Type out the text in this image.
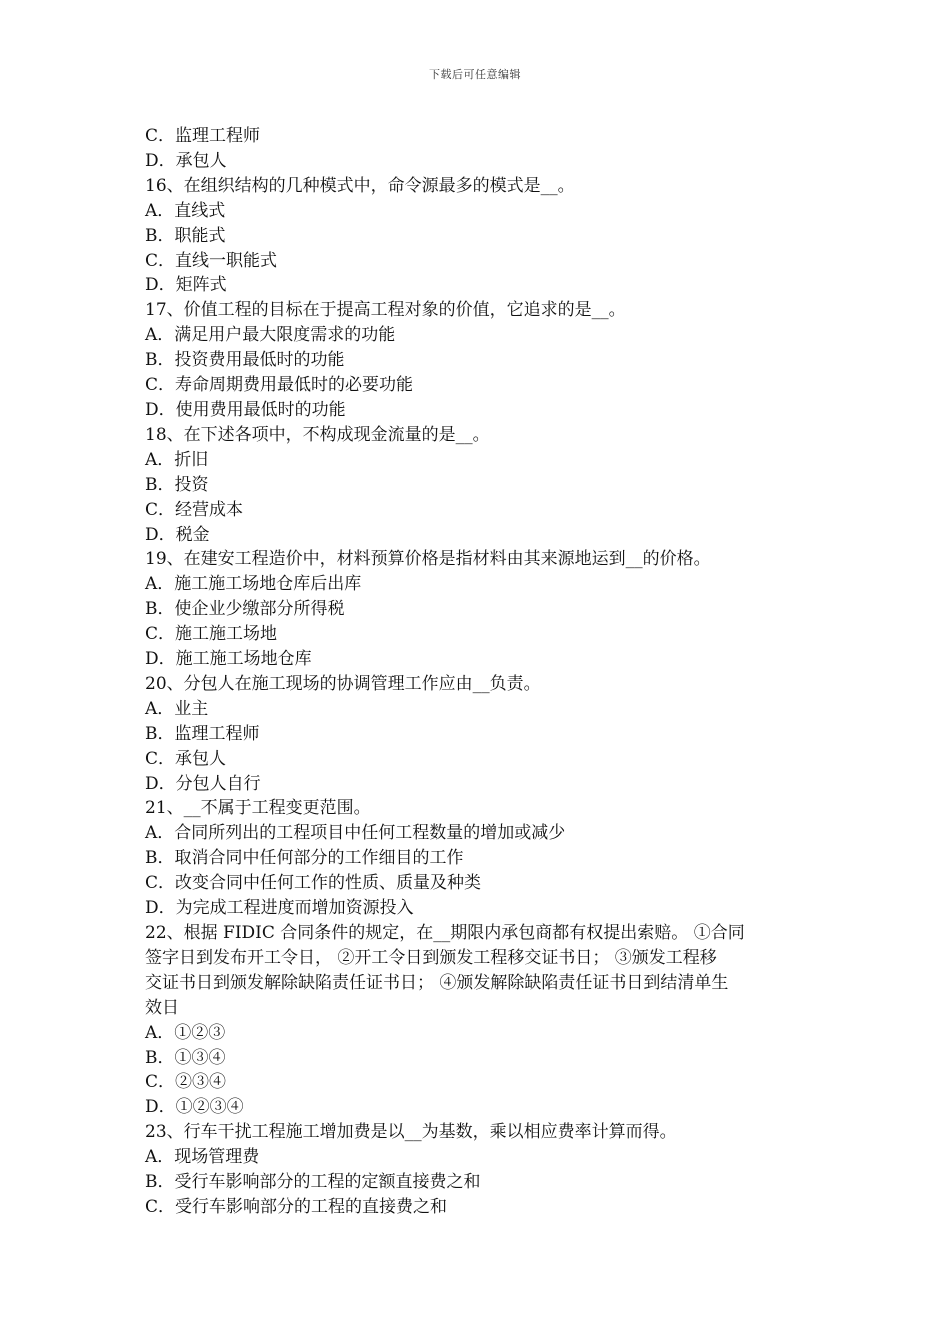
下载后可任意编辑

C．监理工程师

D．承包人

16、在组织结构的几种模式中，命令源最多的模式是__。

A．直线式

B．职能式

C．直线一职能式

D．矩阵式

17、价值工程的目标在于提高工程对象的价值，它追求的是__。

A．满足用户最大限度需求的功能

B．投资费用最低时的功能

C．寿命周期费用最低时的必要功能

D．使用费用最低时的功能

18、在下述各项中，不构成现金流量的是__。

A．折旧

B．投资

C．经营成本

D．税金

19、在建安工程造价中，材料预算价格是指材料由其来源地运到__的价格。

A．施工施工场地仓库后出库

B．使企业少缴部分所得税

C．施工施工场地

D．施工施工场地仓库

20、分包人在施工现场的协调管理工作应由__负责。

A．业主

B．监理工程师

C．承包人

D．分包人自行

21、__不属于工程变更范围。

A．合同所列出的工程项目中任何工程数量的增加或减少

B．取消合同中任何部分的工作细目的工作

C．改变合同中任何工作的性质、质量及种类

D．为完成工程进度而增加资源投入

22、根据 FIDIC 合同条件的规定，在__期限内承包商都有权提出索赔。 ①合同

签字日到发布开工令日， ②开工令日到颁发工程移交证书日； ③颁发工程移

交证书日到颁发解除缺陷责任证书日； ④颁发解除缺陷责任证书日到结清单生

效日

A．①②③

B．①③④

C．②③④

D．①②③④

23、行车干扰工程施工增加费是以__为基数，乘以相应费率计算而得。

A．现场管理费

B．受行车影响部分的工程的定额直接费之和

C．受行车影响部分的工程的直接费之和
